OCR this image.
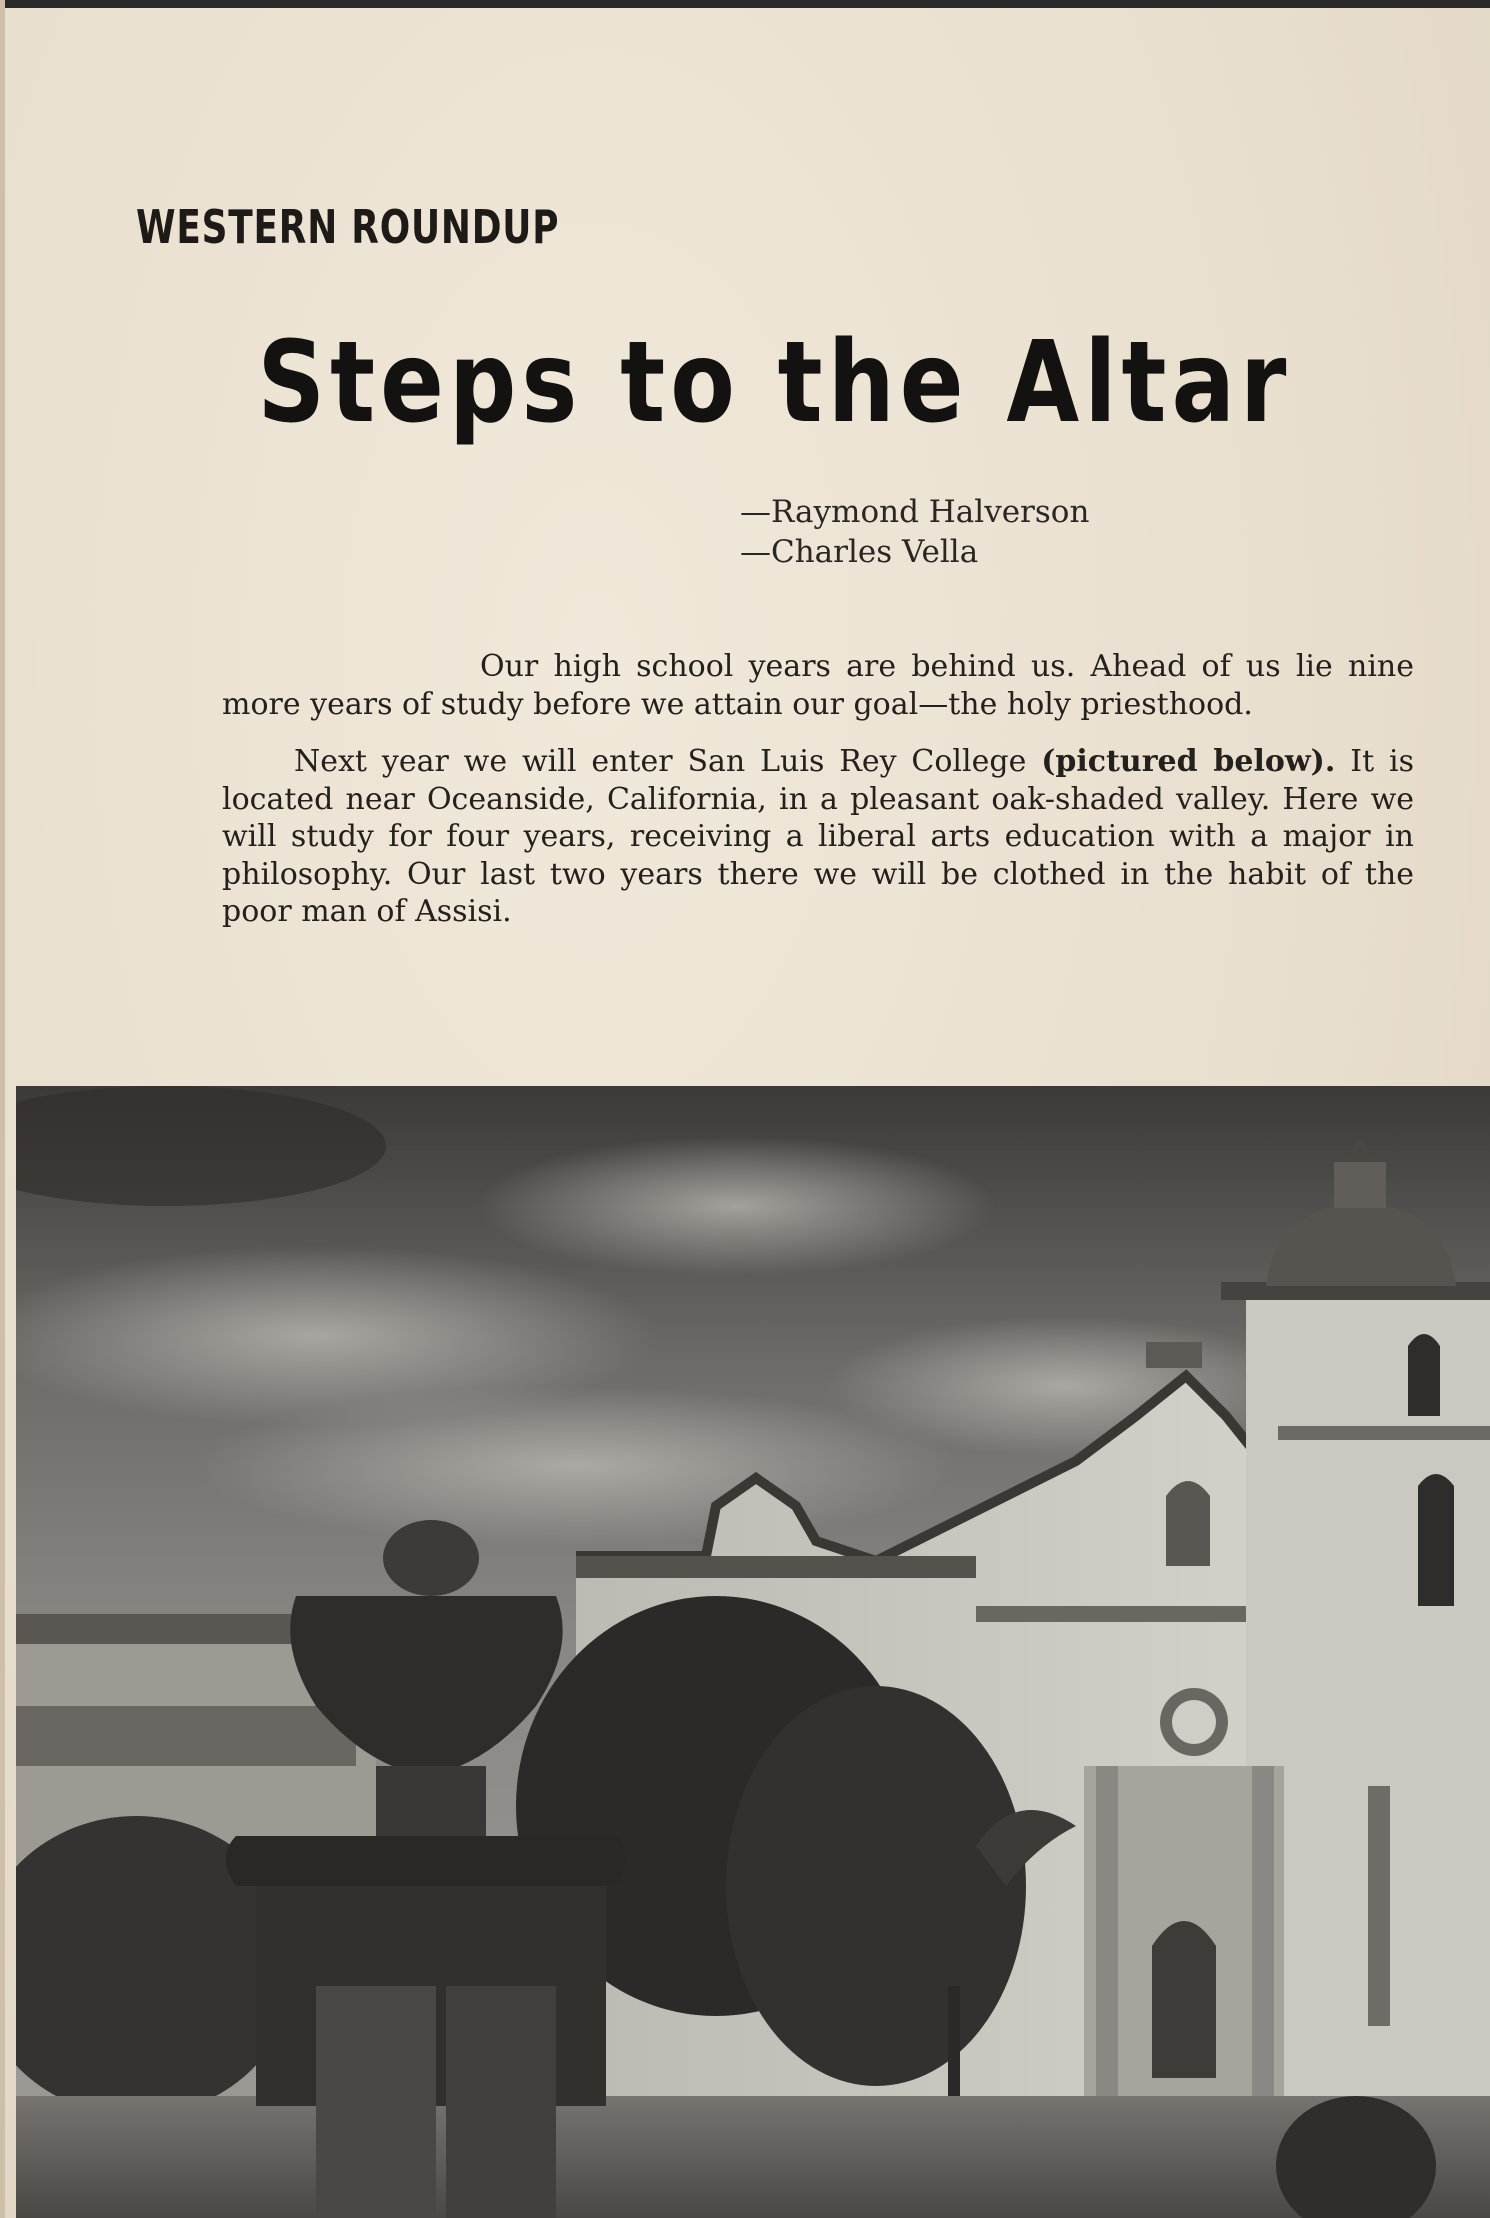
WESTERN ROUNDUP
Steps to the Altar
—Raymond Halverson
—Charles Vella

Our high school years are behind us. Ahead of us lie nine more years of study before we attain our goal—the holy priesthood.

Next year we will enter San Luis Rey College (pictured below). It is located near Oceanside, California, in a pleasant oak-shaded valley. Here we will study for four years, receiving a liberal arts education with a major in philosophy. Our last two years there we will be clothed in the habit of the poor man of Assisi.
